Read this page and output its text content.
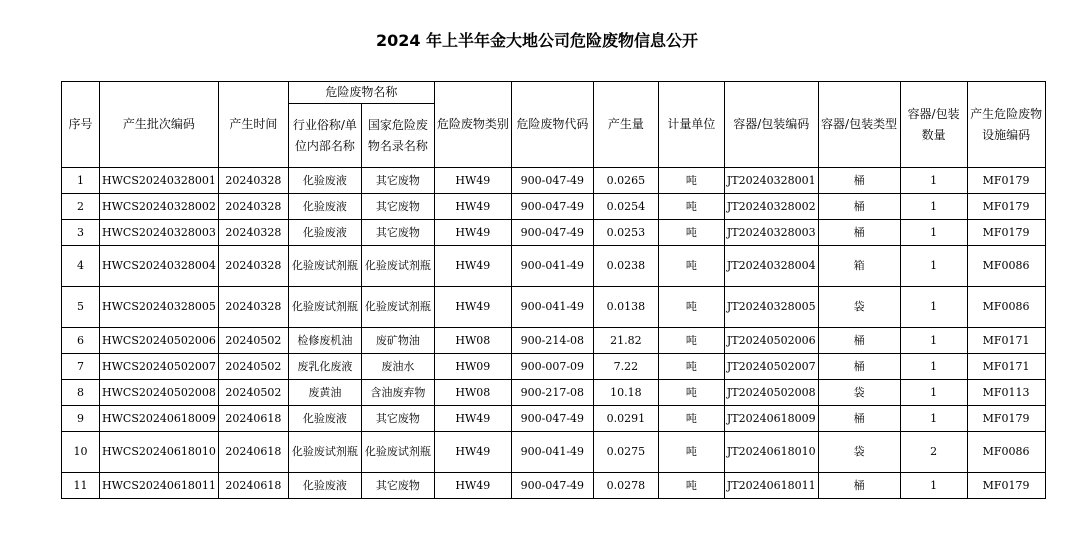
2024 年上半年金大地公司危险废物信息公开
序号	产生批次编码	产生时间	危险废物名称		危险废物类别	危险废物代码	产生量	计量单位	容器/包装编码	容器/包装类型	容器/包装数量	产生危险废物设施编码
			行业俗称/单位内部名称	国家危险废物名录名称								
1	HWCS20240328001	20240328	化验废液	其它废物	HW49	900-047-49	0.0265	吨	JT20240328001	桶	1	MF0179
2	HWCS20240328002	20240328	化验废液	其它废物	HW49	900-047-49	0.0254	吨	JT20240328002	桶	1	MF0179
3	HWCS20240328003	20240328	化验废液	其它废物	HW49	900-047-49	0.0253	吨	JT20240328003	桶	1	MF0179
4	HWCS20240328004	20240328	化验废试剂瓶	化验废试剂瓶	HW49	900-041-49	0.0238	吨	JT20240328004	箱	1	MF0086
5	HWCS20240328005	20240328	化验废试剂瓶	化验废试剂瓶	HW49	900-041-49	0.0138	吨	JT20240328005	袋	1	MF0086
6	HWCS20240502006	20240502	检修废机油	废矿物油	HW08	900-214-08	21.82	吨	JT20240502006	桶	1	MF0171
7	HWCS20240502007	20240502	废乳化废液	废油水	HW09	900-007-09	7.22	吨	JT20240502007	桶	1	MF0171
8	HWCS20240502008	20240502	废黄油	含油废弃物	HW08	900-217-08	10.18	吨	JT20240502008	袋	1	MF0113
9	HWCS20240618009	20240618	化验废液	其它废物	HW49	900-047-49	0.0291	吨	JT20240618009	桶	1	MF0179
10	HWCS20240618010	20240618	化验废试剂瓶	化验废试剂瓶	HW49	900-041-49	0.0275	吨	JT20240618010	袋	2	MF0086
11	HWCS20240618011	20240618	化验废液	其它废物	HW49	900-047-49	0.0278	吨	JT20240618011	桶	1	MF0179
